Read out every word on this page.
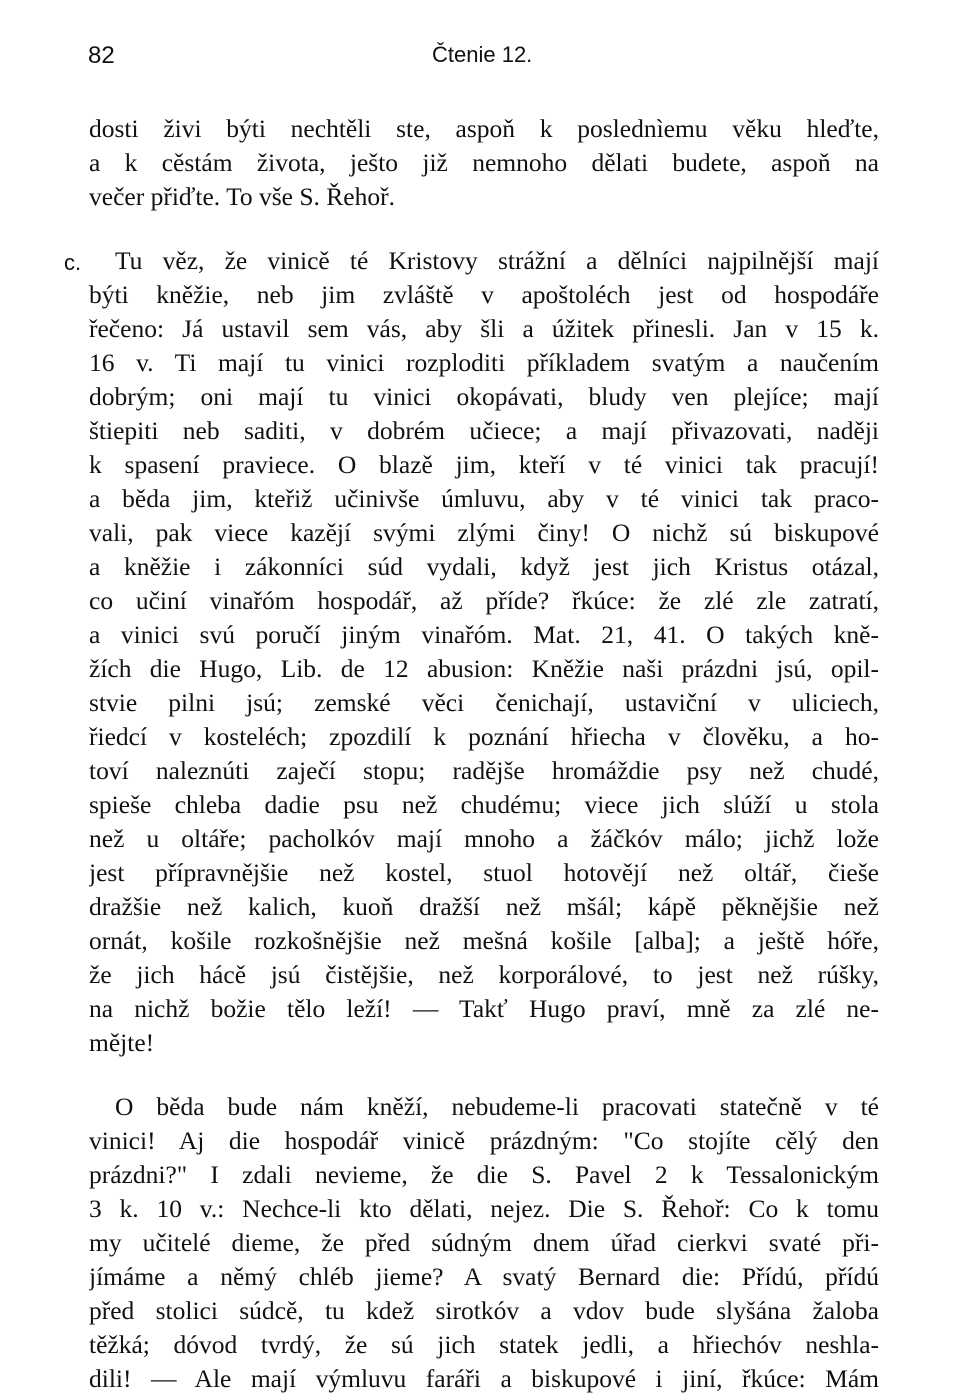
82	Čtenie 12.
dosti živi býti nechtěli ste, aspoň k poslednìemu věku hleďte,
a k cěstám života, ješto již nemnoho dělati budete, aspoň na
večer přiďte. To vše S. Řehoř.
c.	Tu věz, že vinicě té Kristovy strážní a dělníci najpilnější mají
býti kněžie, neb jim zvláště v apoštoléch jest od hospodáře
řečeno: Já ustavil sem vás, aby šli a úžitek přinesli. Jan v 15 k.
16 v. Ti mají tu vinici rozploditi příkladem svatým a naučením
dobrým; oni mají tu vinici okopávati, bludy ven plejíce; mají
štiepiti neb saditi, v dobrém učiece; a mají přivazovati, naději
k spasení praviece. O blazě jim, kteří v té vinici tak pracují!
a běda jim, kteřiž učinivše úmluvu, aby v té vinici tak praco-
vali, pak viece kazějí svými zlými činy! O nichž sú biskupové
a kněžie i zákonníci súd vydali, když jest jich Kristus otázal,
co učiní vinařóm hospodář, až příde? řkúce: že zlé zle zatratí,
a vinici svú poručí jiným vinařóm. Mat. 21, 41. O takých kně-
žích die Hugo, Lib. de 12 abusion: Kněžie naši prázdni jsú, opil-
stvie pilni jsú; zemské věci čenichají, ustaviční v uliciech,
řiedcí v kosteléch; zpozdilí k poznání hřiecha v člověku, a ho-
toví naleznúti zaječí stopu; radějše hromáždie psy než chudé,
spieše chleba dadie psu než chudému; viece jich slúží u stola
než u oltáře; pacholkóv mají mnoho a žáčkóv málo; jichž lože
jest přípravnějšie než kostel, stuol hotovějí než oltář, čieše
dražšie než kalich, kuoň dražší než mšál; kápě pěknějšie než
ornát, košile rozkošnějšie než mešná košile [alba]; a ještě hóře,
že jich hácě jsú čistějšie, než korporálové, to jest než rúšky,
na nichž božie tělo leží! — Takť Hugo praví, mně za zlé ne-
mějte!
O běda bude nám kněží, nebudeme-li pracovati statečně v té
vinici! Aj die hospodář vinicě prázdným: "Co stojíte cělý den
prázdni?" I zdali nevieme, že die S. Pavel 2 k Tessalonickým
3 k. 10 v.: Nechce-li kto dělati, nejez. Die S. Řehoř: Co k tomu
my učitelé dieme, že před súdným dnem úřad cierkvi svaté při-
jímáme a němý chléb jieme? A svatý Bernard die: Přídú, přídú
před stolici súdcě, tu kdež sirotkóv a vdov bude slyšána žaloba
těžká; dóvod tvrdý, že sú jich statek jedli, a hřiechóv neshla-
dili! — Ale mají výmluvu faráři a biskupové i jiní, řkúce: Mám
